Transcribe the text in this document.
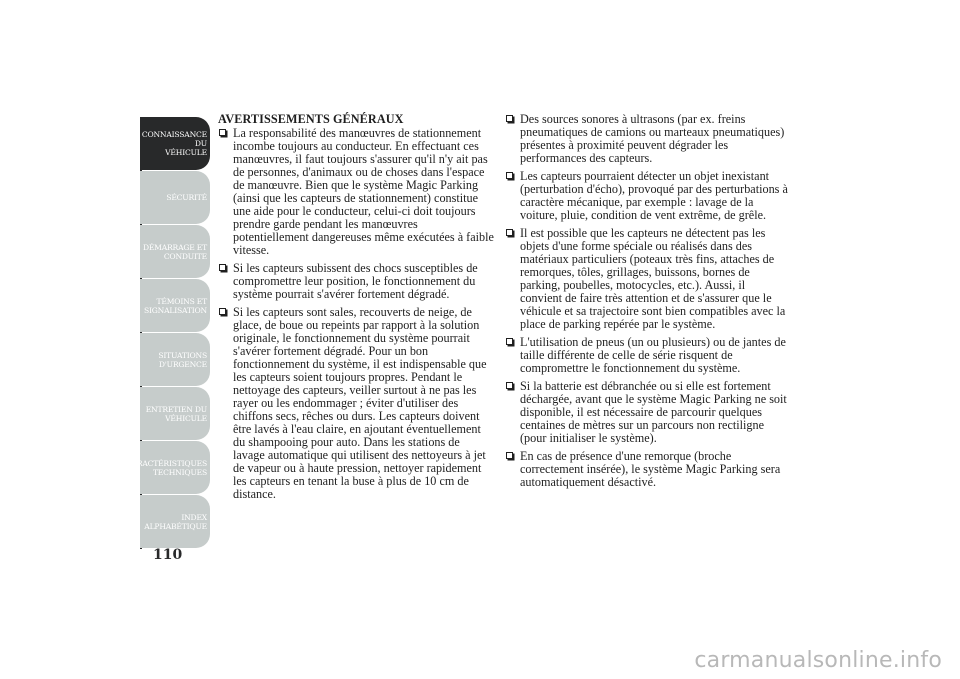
CONNAISSANCE DU
VÉHICULE
SÉCURITÉ
DÉMARRAGE ET
CONDUITE
TÉMOINS ET
SIGNALISATION
SITUATIONS
D'URGENCE
ENTRETIEN DU
VÉHICULE
CARACTÉRISTIQUES
TECHNIQUES
INDEX
ALPHABÉTIQUE
110
AVERTISSEMENTS GÉNÉRAUX
La responsabilité des manœuvres de stationnement incombe toujours au conducteur. En effectuant ces manœuvres, il faut toujours s'assurer qu'il n'y ait pas de personnes, d'animaux ou de choses dans l'espace de manœuvre. Bien que le système Magic Parking (ainsi que les capteurs de stationnement) constitue une aide pour le conducteur, celui-ci doit toujours prendre garde pendant les manœuvres potentiellement dangereuses même exécutées à faible vitesse.
Si les capteurs subissent des chocs susceptibles de compromettre leur position, le fonctionnement du système pourrait s'avérer fortement dégradé.
Si les capteurs sont sales, recouverts de neige, de glace, de boue ou repeints par rapport à la solution originale, le fonctionnement du système pourrait s'avérer fortement dégradé. Pour un bon fonctionnement du système, il est indispensable que les capteurs soient toujours propres. Pendant le nettoyage des capteurs, veiller surtout à ne pas les rayer ou les endommager ; éviter d'utiliser des chiffons secs, rêches ou durs. Les capteurs doivent être lavés à l'eau claire, en ajoutant éventuellement du shampooing pour auto. Dans les stations de lavage automatique qui utilisent des nettoyeurs à jet de vapeur ou à haute pression, nettoyer rapidement les capteurs en tenant la buse à plus de 10 cm de distance.
Des sources sonores à ultrasons (par ex. freins pneumatiques de camions ou marteaux pneumatiques) présentes à proximité peuvent dégrader les performances des capteurs.
Les capteurs pourraient détecter un objet inexistant (perturbation d'écho), provoqué par des perturbations à caractère mécanique, par exemple : lavage de la voiture, pluie, condition de vent extrême, de grêle.
Il est possible que les capteurs ne détectent pas les objets d'une forme spéciale ou réalisés dans des matériaux particuliers (poteaux très fins, attaches de remorques, tôles, grillages, buissons, bornes de parking, poubelles, motocycles, etc.). Aussi, il convient de faire très attention et de s'assurer que le véhicule et sa trajectoire sont bien compatibles avec la place de parking repérée par le système.
L'utilisation de pneus (un ou plusieurs) ou de jantes de taille différente de celle de série risquent de compromettre le fonctionnement du système.
Si la batterie est débranchée ou si elle est fortement déchargée, avant que le système Magic Parking ne soit disponible, il est nécessaire de parcourir quelques centaines de mètres sur un parcours non rectiligne (pour initialiser le système).
En cas de présence d'une remorque (broche correctement insérée), le système Magic Parking sera automatiquement désactivé.
carmanualsonline.info
